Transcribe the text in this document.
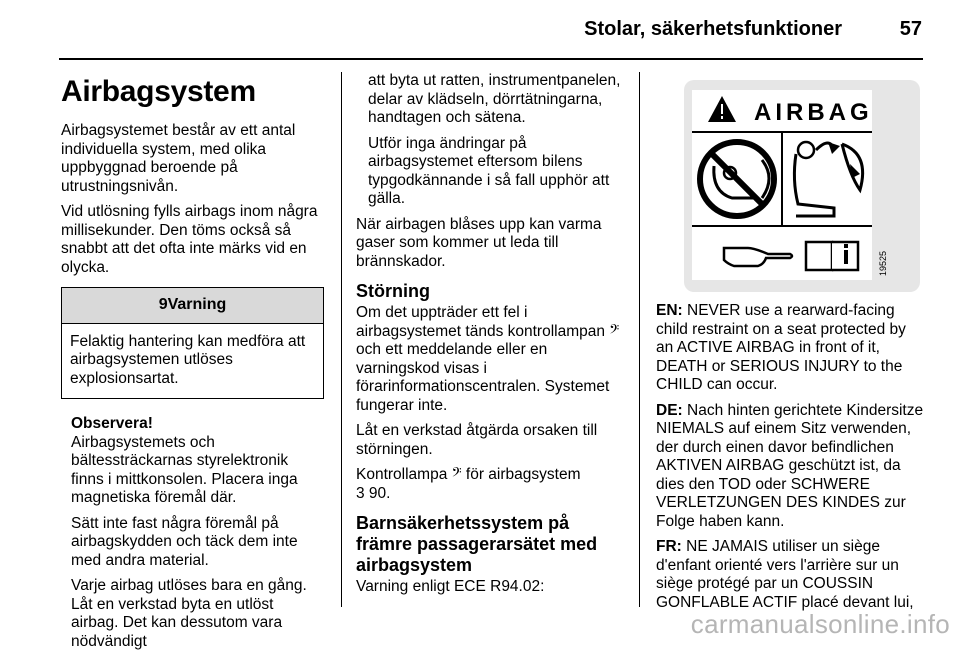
Stolar, säkerhetsfunktioner	57
Airbagsystem

Airbagsystemet består av ett antal individuella system, med olika uppbyggnad beroende på utrustningsnivån.

Vid utlösning fylls airbags inom några millisekunder. Den töms också så snabbt att det ofta inte märks vid en olycka.

9Varning
Felaktig hantering kan medföra att airbagsystemen utlöses explosionsartat.

Observera!

Airbagsystemets och bältessträckarnas styrelektronik finns i mittkonsolen. Placera inga magnetiska föremål där.

Sätt inte fast några föremål på airbagskydden och täck dem inte med andra material.

Varje airbag utlöses bara en gång. Låt en verkstad byta en utlöst airbag. Det kan dessutom vara nödvändigt

att byta ut ratten, instrumentpanelen, delar av klädseln, dörrtätningarna, handtagen och sätena.

Utför inga ändringar på airbagsystemet eftersom bilens typgodkännande i så fall upphör att gälla.

När airbagen blåses upp kan varma gaser som kommer ut leda till brännskador.

Störning

Om det uppträder ett fel i airbagsystemet tänds kontrollampan 𝄢 och ett meddelande eller en varningskod visas i förarinformationscentralen. Systemet fungerar inte.

Låt en verkstad åtgärda orsaken till störningen.

Kontrollampa 𝄢 för airbagsystem
3 90.

Barnsäkerhetssystem på främre passagerarsätet med airbagsystem

Varning enligt ECE R94.02:

AIRBAG
19525

EN: NEVER use a rearward-facing child restraint on a seat protected by an ACTIVE AIRBAG in front of it, DEATH or SERIOUS INJURY to the CHILD can occur.

DE: Nach hinten gerichtete Kindersitze NIEMALS auf einem Sitz verwenden, der durch einen davor befindlichen AKTIVEN AIRBAG geschützt ist, da dies den TOD oder SCHWERE VERLETZUNGEN DES KINDES zur Folge haben kann.

FR: NE JAMAIS utiliser un siège d'enfant orienté vers l'arrière sur un siège protégé par un COUSSIN GONFLABLE ACTIF placé devant lui,

carmanualsonline.info
